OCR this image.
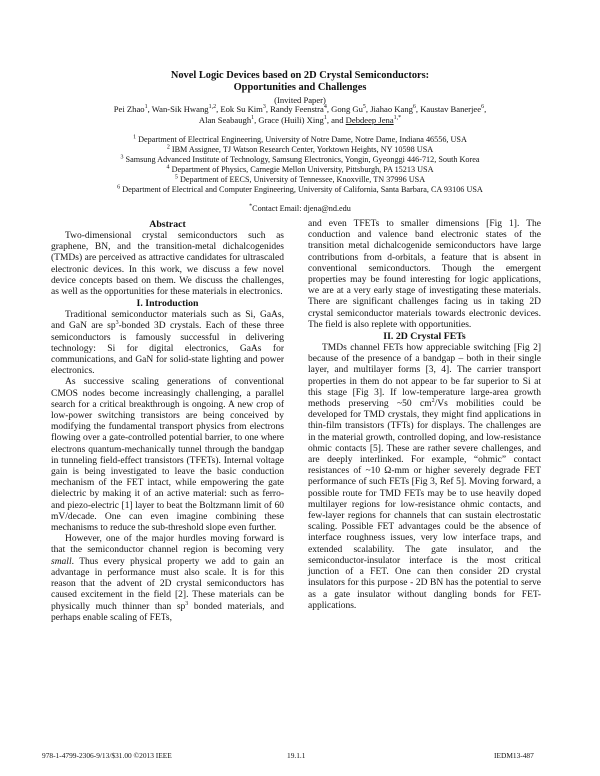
Novel Logic Devices based on 2D Crystal Semiconductors:
Opportunities and Challenges
(Invited Paper)
Pei Zhao$^1$, Wan-Sik Hwang$^{1,2}$, Eok Su Kim$^3$, Randy Feenstra$^4$, Gong Gu$^5$, Jiahao Kang$^6$, Kaustav Banerjee$^6$,
Alan Seabaugh$^1$, Grace (Huili) Xing$^1$, and Debdeep Jena$^{1,*}$
$^1$ Department of Electrical Engineering, University of Notre Dame, Notre Dame, Indiana 46556, USA
$^2$ IBM Assignee, TJ Watson Research Center, Yorktown Heights, NY 10598 USA
$^3$ Samsung Advanced Institute of Technology, Samsung Electronics, Yongin, Gyeonggi 446-712, South Korea
$^4$ Department of Physics, Carnegie Mellon University, Pittsburgh, PA 15213 USA
$^5$ Department of EECS, University of Tennessee, Knoxville, TN 37996 USA
$^6$ Department of Electrical and Computer Engineering, University of California, Santa Barbara, CA 93106 USA
*Contact Email: djena@nd.edu
Abstract

Two-dimensional crystal semiconductors such as graphene, BN, and the transition-metal dichalcogenides (TMDs) are perceived as attractive candidates for ultrascaled electronic devices. In this work, we discuss a few novel device concepts based on them. We discuss the challenges, as well as the opportunities for these materials in electronics.

I. Introduction

Traditional semiconductor materials such as Si, GaAs, and GaN are $sp^3$-bonded 3D crystals. Each of these three semiconductors is famously successful in delivering technology: Si for digital electronics, GaAs for communications, and GaN for solid-state lighting and power electronics.

As successive scaling generations of conventional CMOS nodes become increasingly challenging, a parallel search for a critical breakthrough is ongoing. A new crop of low-power switching transistors are being conceived by modifying the fundamental transport physics from electrons flowing over a gate-controlled potential barrier, to one where electrons quantum-mechanically tunnel through the bandgap in tunneling field-effect transistors (TFETs). Internal voltage gain is being investigated to leave the basic conduction mechanism of the FET intact, while empowering the gate dielectric by making it of an active material: such as ferro- and piezo-electric [1] layer to beat the Boltzmann limit of 60 mV/decade. One can even imagine combining these mechanisms to reduce the sub-threshold slope even further.

However, one of the major hurdles moving forward is that the semiconductor channel region is becoming very small. Thus every physical property we add to gain an advantage in performance must also scale. It is for this reason that the advent of 2D crystal semiconductors has caused excitement in the field [2]. These materials can be physically much thinner than $sp^3$ bonded materials, and perhaps enable scaling of FETs,

and even TFETs to smaller dimensions [Fig 1]. The conduction and valence band electronic states of the transition metal dichalcogenide semiconductors have large contributions from d-orbitals, a feature that is absent in conventional semiconductors. Though the emergent properties may be found interesting for logic applications, we are at a very early stage of investigating these materials. There are significant challenges facing us in taking 2D crystal semiconductor materials towards electronic devices. The field is also replete with opportunities.

II. 2D Crystal FETs

TMDs channel FETs how appreciable switching [Fig 2] because of the presence of a bandgap – both in their single layer, and multilayer forms [3, 4]. The carrier transport properties in them do not appear to be far superior to Si at this stage [Fig 3]. If low-temperature large-area growth methods preserving ~50 $cm^2/Vs$ mobilities could be developed for TMD crystals, they might find applications in thin-film transistors (TFTs) for displays. The challenges are in the material growth, controlled doping, and low-resistance ohmic contacts [5]. These are rather severe challenges, and are deeply interlinked. For example, “ohmic” contact resistances of ~10 Ω-mm or higher severely degrade FET performance of such FETs [Fig 3, Ref 5]. Moving forward, a possible route for TMD FETs may be to use heavily doped multilayer regions for low-resistance ohmic contacts, and few-layer regions for channels that can sustain electrostatic scaling. Possible FET advantages could be the absence of interface roughness issues, very low interface traps, and extended scalability. The gate insulator, and the semiconductor-insulator interface is the most critical junction of a FET. One can then consider 2D crystal insulators for this purpose - 2D BN has the potential to serve as a gate insulator without dangling bonds for FET-applications.

978-1-4799-2306-9/13/$31.00 ©2013 IEEE	19.1.1	IEDM13-487
